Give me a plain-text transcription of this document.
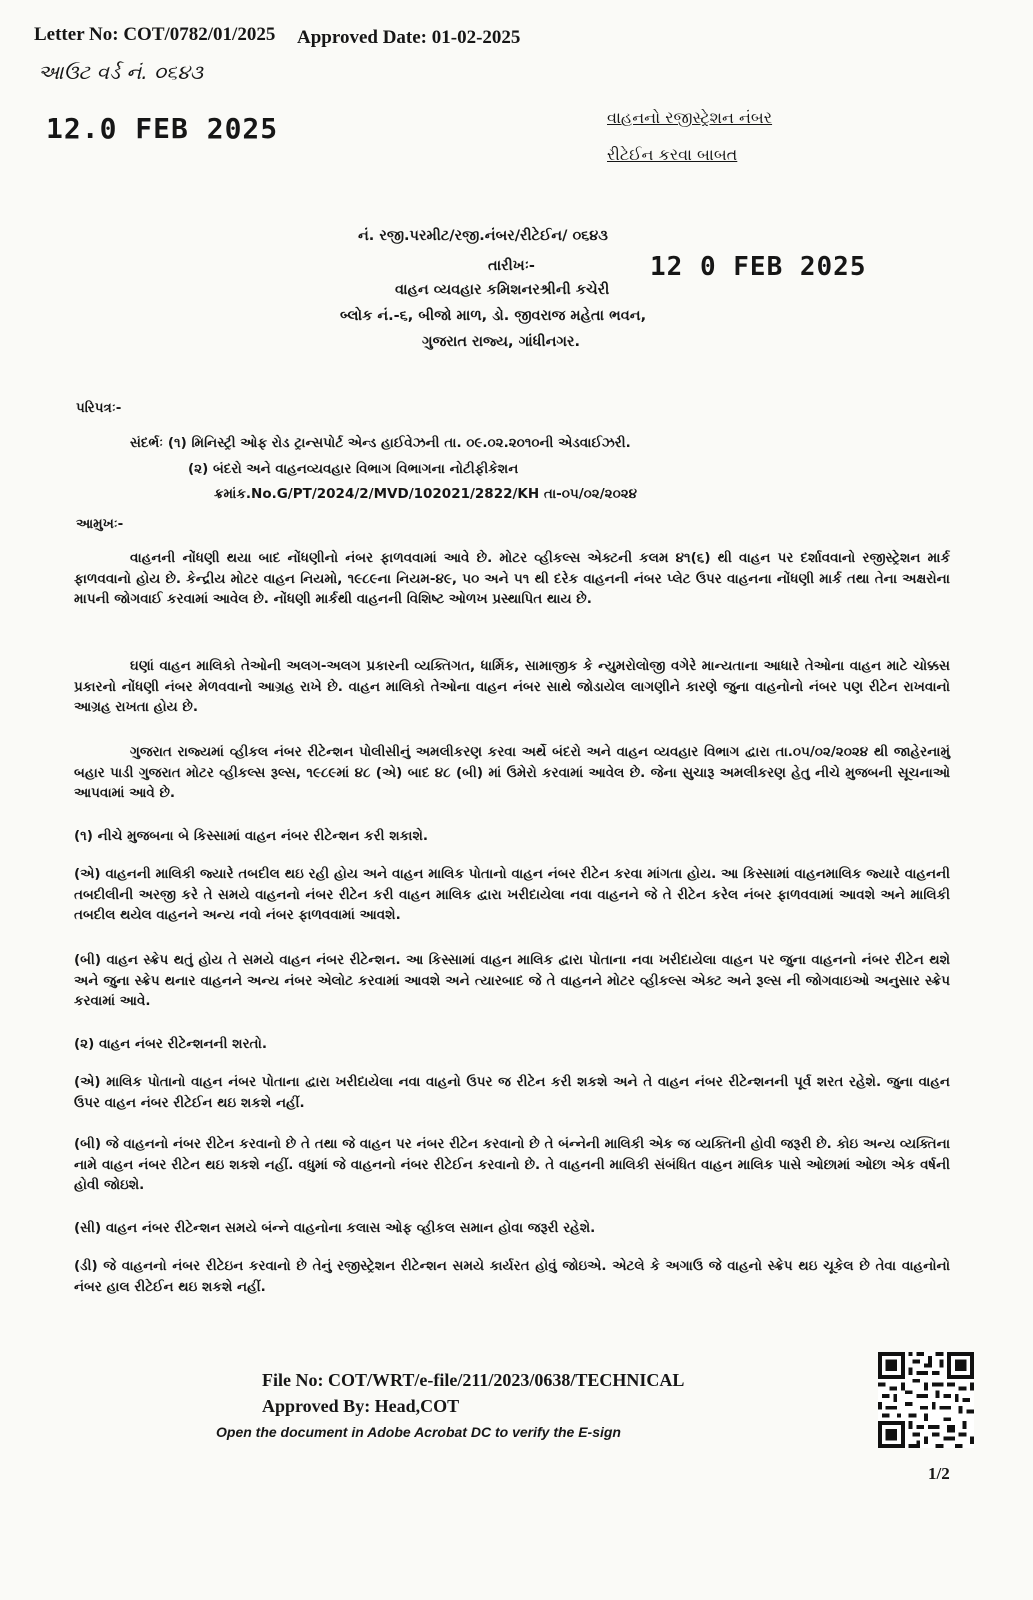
Letter No: COT/0782/01/2025 Approved Date: 01-02-2025
આઉટ વર્ડ નં. ૦૬૪૩
12.0 FEB 2025	વાહનનો રજીસ્ટ્રેશન નંબર
રીટેઈન કરવા બાબત
નં. રજી.પરમીટ/રજી.નંબર/રીટેઈન/ ૦૬૪૩
તારીખઃ-	12 0 FEB 2025
વાહન વ્યવહાર કમિશનરશ્રીની કચેરી
બ્લોક નં.-૬, બીજો માળ, ડો. જીવરાજ મહેતા ભવન,
ગુજરાત રાજ્ય, ગાંધીનગર.
પરિપત્રઃ-
સંદર્ભઃ (૧) મિનિસ્ટ્રી ઓફ રોડ ટ્રાન્સપોર્ટ એન્ડ હાઈવેઝની તા. ૦૯.૦૨.૨૦૧૦ની એડવાઈઝરી.
(૨) બંદરો અને વાહનવ્યવહાર વિભાગ વિભાગના નોટીફીકેશન
ક્રમાંક.No.G/PT/2024/2/MVD/102021/2822/KH તા-૦૫/૦૨/૨૦૨૪
આમુખઃ-
વાહનની નોંધણી થયા બાદ નોંધણીનો નંબર ફાળવવામાં આવે છે. મોટર વ્હીકલ્સ એક્ટની કલમ ૪૧(૬) થી વાહન પર દર્શાવવાનો રજીસ્ટ્રેશન માર્ક ફાળવવાનો હોય છે. કેન્દ્રીય મોટર વાહન નિયમો, ૧૯૮૯ના નિયમ-૪૯, ૫૦ અને ૫૧ થી દરેક વાહનની નંબર પ્લેટ ઉપર વાહનના નોંધણી માર્ક તથા તેના અક્ષરોના માપની જોગવાઈ કરવામાં આવેલ છે. નોંધણી માર્કથી વાહનની વિશિષ્ટ ઓળખ પ્રસ્થાપિત થાય છે.
ઘણાં વાહન માલિકો તેઓની અલગ-અલગ પ્રકારની વ્યક્તિગત, ધાર્મિક, સામાજીક કે ન્યુમરોલોજી વગેરે માન્યતાના આધારે તેઓના વાહન માટે ચોક્કસ પ્રકારનો નોંધણી નંબર મેળવવાનો આગ્રહ રાખે છે. વાહન માલિકો તેઓના વાહન નંબર સાથે જોડાયેલ લાગણીને કારણે જુના વાહનોનો નંબર પણ રીટેન રાખવાનો આગ્રહ રાખતા હોય છે.
ગુજરાત રાજ્યમાં વ્હીકલ નંબર રીટેન્શન પોલીસીનું અમલીકરણ કરવા અર્થે બંદરો અને વાહન વ્યવહાર વિભાગ દ્વારા તા.૦૫/૦૨/૨૦૨૪ થી જાહેરનામું બહાર પાડી ગુજરાત મોટર વ્હીકલ્સ રૂલ્સ, ૧૯૮૯માં ૪૮ (એ) બાદ ૪૮ (બી) માં ઉમેરો કરવામાં આવેલ છે. જેના સુચારૂ અમલીકરણ હેતુ નીચે મુજબની સૂચનાઓ આપવામાં આવે છે.
(૧) નીચે મુજબના બે કિસ્સામાં વાહન નંબર રીટેન્શન કરી શકાશે.
(એ) વાહનની માલિકી જ્યારે તબદીલ થઇ રહી હોય અને વાહન માલિક પોતાનો વાહન નંબર રીટેન કરવા માંગતા હોય. આ કિસ્સામાં વાહનમાલિક જ્યારે વાહનની તબદીલીની અરજી કરે તે સમયે વાહનનો નંબર રીટેન કરી વાહન માલિક દ્વારા ખરીદાયેલા નવા વાહનને જે તે રીટેન કરેલ નંબર ફાળવવામાં આવશે અને માલિકી તબદીલ થયેલ વાહનને અન્ય નવો નંબર ફાળવવામાં આવશે.
(બી) વાહન સ્ક્રેપ થતું હોય તે સમયે વાહન નંબર રીટેન્શન. આ કિસ્સામાં વાહન માલિક દ્વારા પોતાના નવા ખરીદાયેલા વાહન પર જુના વાહનનો નંબર રીટેન થશે અને જુના સ્ક્રેપ થનાર વાહનને અન્ય નંબર એલોટ કરવામાં આવશે અને ત્યારબાદ જે તે વાહનને મોટર વ્હીકલ્સ એક્ટ અને રૂલ્સ ની જોગવાઇઓ અનુસાર સ્ક્રેપ કરવામાં આવે.
(૨) વાહન નંબર રીટેન્શનની શરતો.
(એ) માલિક પોતાનો વાહન નંબર પોતાના દ્વારા ખરીદાયેલા નવા વાહનો ઉપર જ રીટેન કરી શકશે અને તે વાહન નંબર રીટેન્શનની પૂર્વ શરત રહેશે. જુના વાહન ઉપર વાહન નંબર રીટેઈન થઇ શકશે નહીં.
(બી) જે વાહનનો નંબર રીટેન કરવાનો છે તે તથા જે વાહન પર નંબર રીટેન કરવાનો છે તે બંન્નેની માલિકી એક જ વ્યક્તિની હોવી જરૂરી છે. કોઇ અન્ય વ્યક્તિના નામે વાહન નંબર રીટેન થઇ શકશે નહીં. વધુમાં જે વાહનનો નંબર રીટેઈન કરવાનો છે. તે વાહનની માલિકી સંબંધિત વાહન માલિક પાસે ઓછામાં ઓછા એક વર્ષની હોવી જોઇશે.
(સી) વાહન નંબર રીટેન્શન સમયે બંન્ને વાહનોના કલાસ ઓફ વ્હીકલ સમાન હોવા જરૂરી રહેશે.
(ડી) જે વાહનનો નંબર રીટેઇન કરવાનો છે તેનું રજીસ્ટ્રેશન રીટેન્શન સમયે કાર્યરત હોવું જોઇએ. એટલે કે અગાઉ જે વાહનો સ્ક્રેપ થઇ ચૂકેલ છે તેવા વાહનોનો નંબર હાલ રીટેઈન થઇ શકશે નહીં.
File No: COT/WRT/e-file/211/2023/0638/TECHNICAL
Approved By: Head,COT
Open the document in Adobe Acrobat DC to verify the E-sign
1/2
